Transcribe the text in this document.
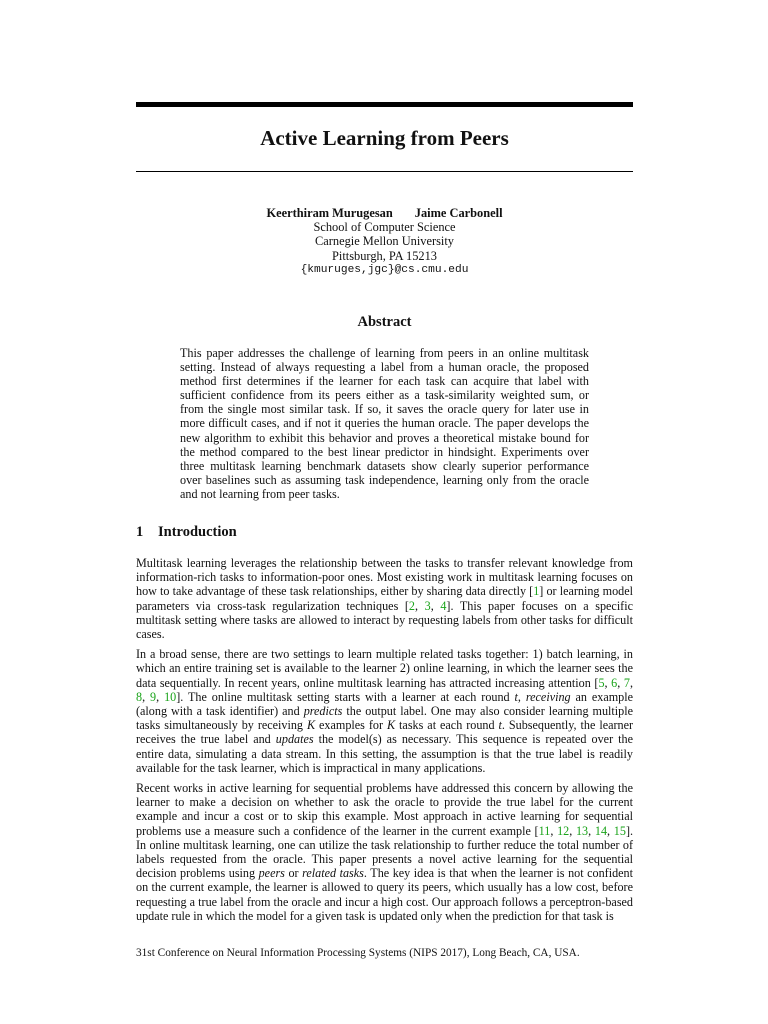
Active Learning from Peers
Keerthiram Murugesan Jaime Carbonell
School of Computer Science
Carnegie Mellon University
Pittsburgh, PA 15213
{kmuruges,jgc}@cs.cmu.edu
Abstract

This paper addresses the challenge of learning from peers in an online multitask setting. Instead of always requesting a label from a human oracle, the proposed method first determines if the learner for each task can acquire that label with sufficient confidence from its peers either as a task-similarity weighted sum, or from the single most similar task. If so, it saves the oracle query for later use in more difficult cases, and if not it queries the human oracle. The paper develops the new algorithm to exhibit this behavior and proves a theoretical mistake bound for the method compared to the best linear predictor in hindsight. Experiments over three multitask learning benchmark datasets show clearly superior performance over baselines such as assuming task independence, learning only from the oracle and not learning from peer tasks.

1 Introduction

Multitask learning leverages the relationship between the tasks to transfer relevant knowledge from information-rich tasks to information-poor ones. Most existing work in multitask learning focuses on how to take advantage of these task relationships, either by sharing data directly [1] or learning model parameters via cross-task regularization techniques [2, 3, 4]. This paper focuses on a specific multitask setting where tasks are allowed to interact by requesting labels from other tasks for difficult cases.

In a broad sense, there are two settings to learn multiple related tasks together: 1) batch learning, in which an entire training set is available to the learner 2) online learning, in which the learner sees the data sequentially. In recent years, online multitask learning has attracted increasing attention [5, 6, 7, 8, 9, 10]. The online multitask setting starts with a learner at each round t, receiving an example (along with a task identifier) and predicts the output label. One may also consider learning multiple tasks simultaneously by receiving K examples for K tasks at each round t. Subsequently, the learner receives the true label and updates the model(s) as necessary. This sequence is repeated over the entire data, simulating a data stream. In this setting, the assumption is that the true label is readily available for the task learner, which is impractical in many applications.

Recent works in active learning for sequential problems have addressed this concern by allowing the learner to make a decision on whether to ask the oracle to provide the true label for the current example and incur a cost or to skip this example. Most approach in active learning for sequential problems use a measure such a confidence of the learner in the current example [11, 12, 13, 14, 15]. In online multitask learning, one can utilize the task relationship to further reduce the total number of labels requested from the oracle. This paper presents a novel active learning for the sequential decision problems using peers or related tasks. The key idea is that when the learner is not confident on the current example, the learner is allowed to query its peers, which usually has a low cost, before requesting a true label from the oracle and incur a high cost. Our approach follows a perceptron-based update rule in which the model for a given task is updated only when the prediction for that task is

31st Conference on Neural Information Processing Systems (NIPS 2017), Long Beach, CA, USA.
